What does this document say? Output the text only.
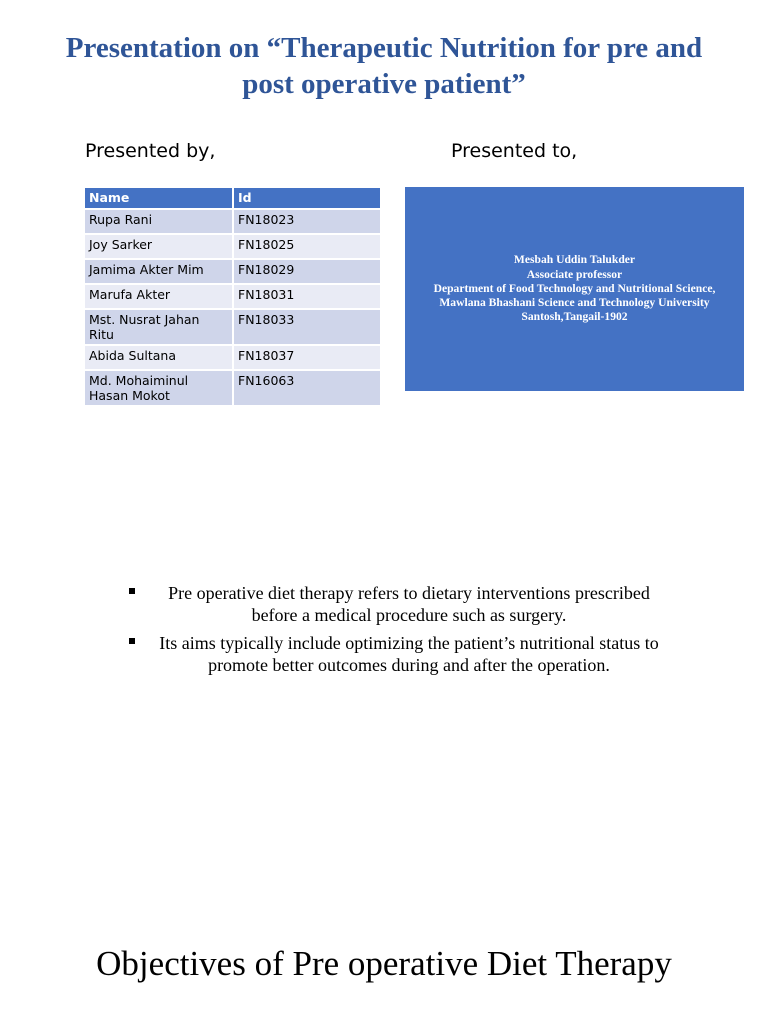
Presentation on “Therapeutic Nutrition for pre and post operative patient”
Presented by,	Presented to,
Name	Id
Rupa Rani	FN18023
Joy Sarker	FN18025
Jamima Akter Mim	FN18029
Marufa Akter	FN18031
Mst. Nusrat Jahan Ritu	FN18033
Abida Sultana	FN18037
Md. Mohaiminul Hasan Mokot	FN16063
Mesbah Uddin Talukder
Associate professor
Department of Food Technology and Nutritional Science,
Mawlana Bhashani Science and Technology University
Santosh,Tangail-1902
Pre operative diet therapy refers to dietary interventions prescribed before a medical procedure such as surgery.
Its aims typically include optimizing the patient’s nutritional status to promote better outcomes during and after the operation.
Objectives of Pre operative Diet Therapy
